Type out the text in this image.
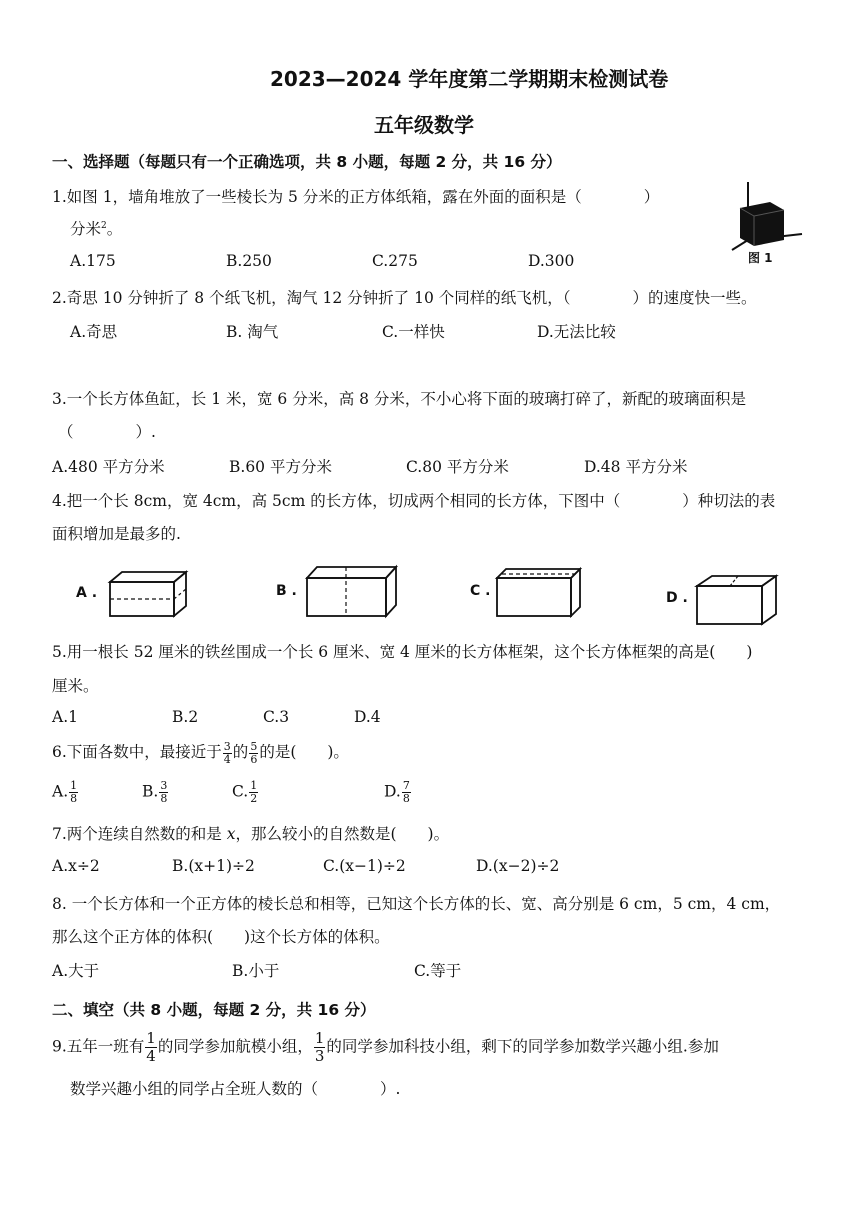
2023—2024 学年度第二学期期末检测试卷
五年级数学
一、选择题（每题只有一个正确选项，共 8 小题，每题 2 分，共 16 分）
1.如图 1，墙角堆放了一些棱长为 5 分米的正方体纸箱，露在外面的面积是（　　　　）
分米$^2$。
A.175	B.250	C.275	D.300	图 1
2.奇思 10 分钟折了 8 个纸飞机，淘气 12 分钟折了 10 个同样的纸飞机，（　　　　）的速度快一些。
A.奇思	B. 淘气	C.一样快	D.无法比较
3.一个长方体鱼缸，长 1 米，宽 6 分米，高 8 分米，不小心将下面的玻璃打碎了，新配的玻璃面积是
（　　　　）.
A.480 平方分米	B.60 平方分米	C.80 平方分米	D.48 平方分米
4.把一个长 8cm，宽 4cm，高 5cm 的长方体，切成两个相同的长方体，下图中（　　　　）种切法的表
面积增加是最多的.
A .	B .	C .	D .
5.用一根长 52 厘米的铁丝围成一个长 6 厘米、宽 4 厘米的长方体框架，这个长方体框架的高是(　　)
厘米。
A.1	B.2	C.3	D.4
6.下面各数中，最接近于 $\frac{3}{4}$ 的 $\frac{5}{6}$ 的是(　　)。
A. $\frac{1}{8}$	B. $\frac{3}{8}$	C. $\frac{1}{2}$	D. $\frac{7}{8}$
7.两个连续自然数的和是 x，那么较小的自然数是(　　)。
A.x÷2	B.(x+1)÷2	C.(x−1)÷2	D.(x−2)÷2
8. 一个长方体和一个正方体的棱长总和相等，已知这个长方体的长、宽、高分别是 6 cm，5 cm，4 cm，
那么这个正方体的体积(　　)这个长方体的体积。
A.大于	B.小于	C.等于
二、填空（共 8 小题，每题 2 分，共 16 分）
9.五年一班有 $\frac{1}{4}$ 的同学参加航模小组， $\frac{1}{3}$ 的同学参加科技小组，剩下的同学参加数学兴趣小组.参加
数学兴趣小组的同学占全班人数的（　　　　）.
